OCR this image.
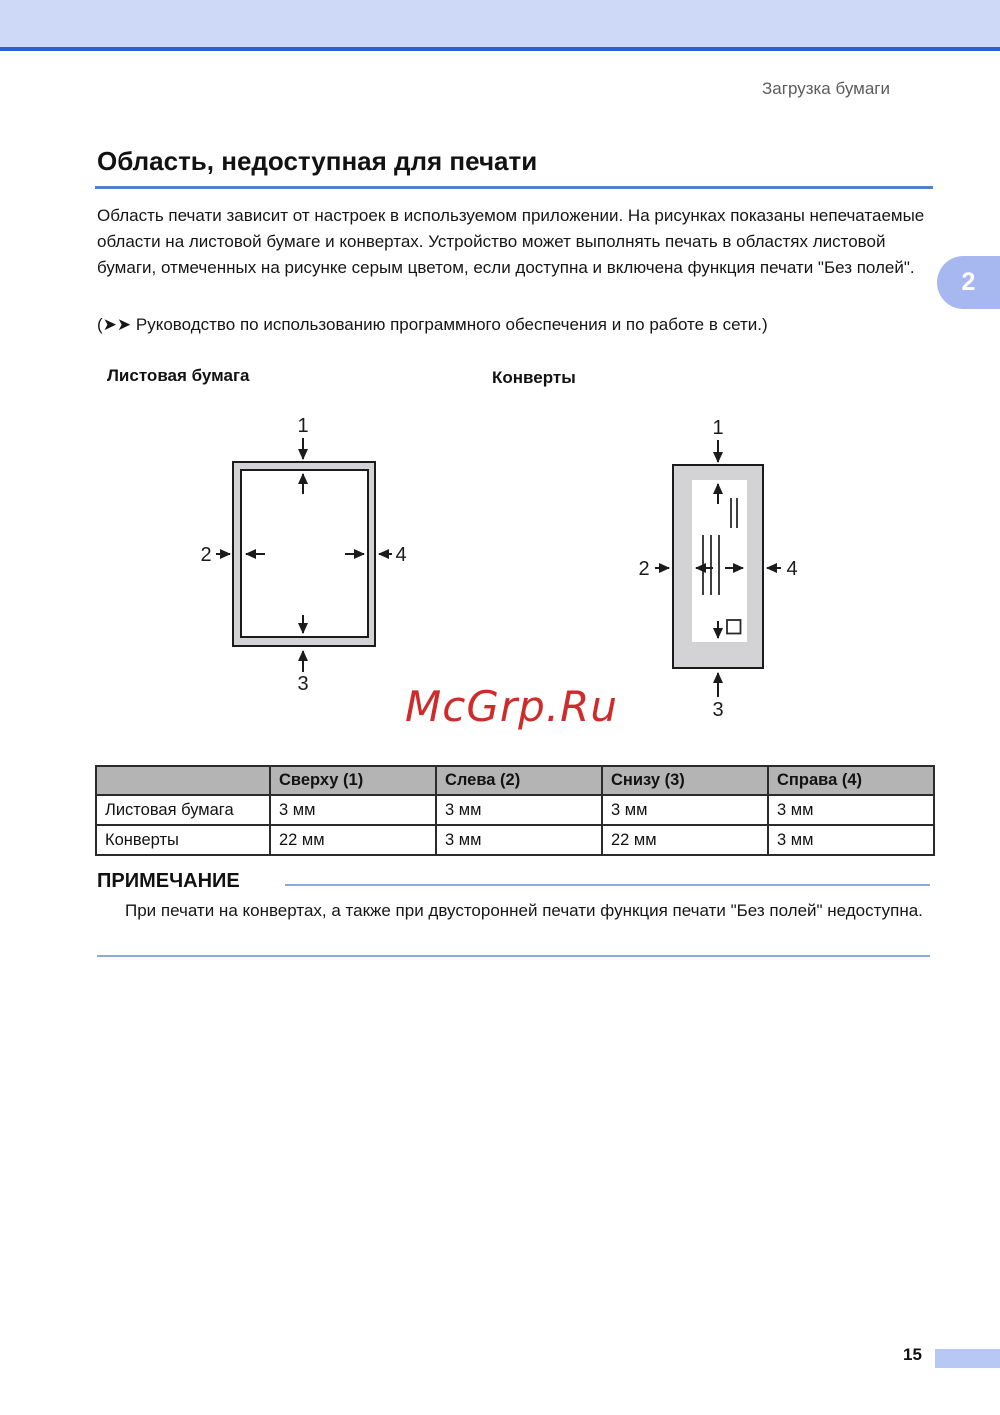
Загрузка бумаги
Область, недоступная для печати
2

Область печати зависит от настроек в используемом приложении. На рисунках показаны непечатаемые области на листовой бумаге и конвертах. Устройство может выполнять печать в областях листовой бумаги, отмеченных на рисунке серым цветом, если доступна и включена функция печати "Без полей".

(➤➤ Руководство по использованию программного обеспечения и по работе в сети.)

Листовая бумага	Конверты
1
2	4
3
1
2	4
3
McGrp.Ru
	Сверху (1)	Слева (2)	Снизу (3)	Справа (4)
Листовая бумага	3 мм	3 мм	3 мм	3 мм
Конверты	22 мм	3 мм	22 мм	3 мм
ПРИМЕЧАНИЕ

При печати на конвертах, а также при двусторонней печати функция печати "Без полей" недоступна.

15
